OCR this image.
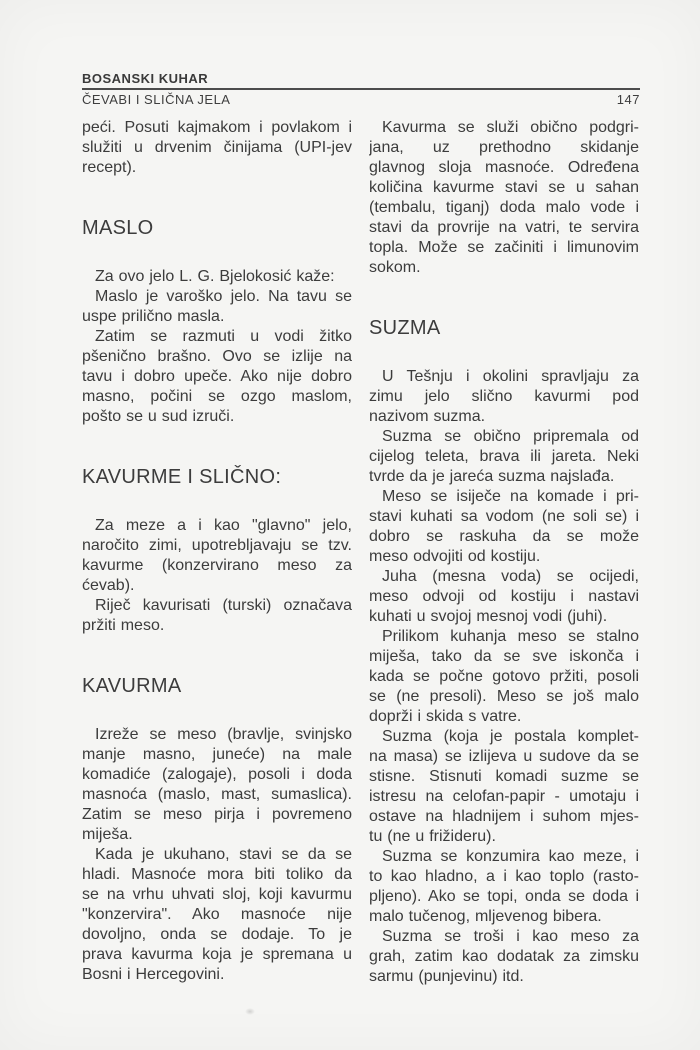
BOSANSKI KUHAR
ČEVABI I SLIČNA JELA	147
peći. Posuti kajmakom i povlakom i
služiti u drvenim činijama (UPI-jev
recept).
MASLO
Za ovo jelo L. G. Bjelokosić kaže:
Maslo je varoško jelo. Na tavu se
uspe prilično masla.
Zatim se razmuti u vodi žitko
pšenično brašno. Ovo se izlije na
tavu i dobro upeče. Ako nije dobro
masno, počini se ozgo maslom,
pošto se u sud izruči.
KAVURME I SLIČNO:
Za meze a i kao "glavno" jelo,
naročito zimi, upotrebljavaju se tzv.
kavurme (konzervirano meso za
ćevab).
Riječ kavurisati (turski) označava
pržiti meso.
KAVURMA
Izreže se meso (bravlje, svinjsko
manje masno, juneće) na male
komadiće (zalogaje), posoli i doda
masnoća (maslo, mast, sumaslica).
Zatim se meso pirja i povremeno
miješa.
Kada je ukuhano, stavi se da se
hladi. Masnoće mora biti toliko da
se na vrhu uhvati sloj, koji kavurmu
"konzervira". Ako masnoće nije
dovoljno, onda se dodaje. To je
prava kavurma koja je spremana u
Bosni i Hercegovini.
Kavurma se služi obično podgri-
jana, uz prethodno skidanje
glavnog sloja masnoće. Određena
količina kavurme stavi se u sahan
(tembalu, tiganj) doda malo vode i
stavi da provrije na vatri, te servira
topla. Može se začiniti i limunovim
sokom.
SUZMA
U Tešnju i okolini spravljaju za
zimu jelo slično kavurmi pod
nazivom suzma.
Suzma se obično pripremala od
cijelog teleta, brava ili jareta. Neki
tvrde da je jareća suzma najslađa.
Meso se isiječe na komade i pri-
stavi kuhati sa vodom (ne soli se) i
dobro se raskuha da se može
meso odvojiti od kostiju.
Juha (mesna voda) se ocijedi,
meso odvoji od kostiju i nastavi
kuhati u svojoj mesnoj vodi (juhi).
Prilikom kuhanja meso se stalno
miješa, tako da se sve iskonča i
kada se počne gotovo pržiti, posoli
se (ne presoli). Meso se još malo
doprži i skida s vatre.
Suzma (koja je postala komplet-
na masa) se izlijeva u sudove da se
stisne. Stisnuti komadi suzme se
istresu na celofan-papir - umotaju i
ostave na hladnijem i suhom mjes-
tu (ne u frižideru).
Suzma se konzumira kao meze, i
to kao hladno, a i kao toplo (rasto-
pljeno). Ako se topi, onda se doda i
malo tučenog, mljevenog bibera.
Suzma se troši i kao meso za
grah, zatim kao dodatak za zimsku
sarmu (punjevinu) itd.
